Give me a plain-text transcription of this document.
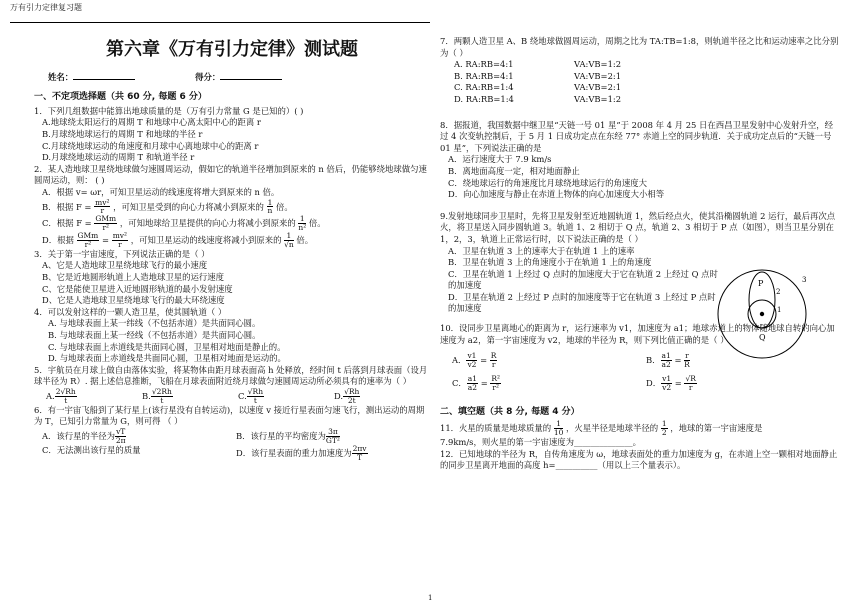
万有引力定律复习题
第六章《万有引力定律》测试题
姓名：	得分：
一、不定项选择题（共 60 分, 每题 6 分）

1．下列几组数据中能算出地球质量的是（万有引力常量 G 是已知的）( )

A.地球绕太阳运行的周期 T 和地球中心离太阳中心的距离 r

B.月球绕地球运行的周期 T 和地球的半径 r

C.月球绕地球运动的角速度和月球中心离地球中心的距离 r

D.月球绕地球运动的周期 T 和轨道半径 r

2．某人造地球卫星绕地球做匀速圆周运动，假如它的轨道半径增加到原来的 n 倍后，仍能够绕地球做匀速圆周运动，则： ( )

A．根据 v= ωr，可知卫星运动的线速度将增大到原来的 n 倍。

B．根据 $F = \frac{\text{mv²}}{r}$ ，可知卫星受到的向心力将减小到原来的 $\frac{1}{n}$ 倍。

C．根据 $F = \frac{\text{GMm}}{\text{r²}}$ ，可知地球给卫星提供的向心力将减小到原来的 $\frac{1}{\text{n²}}$ 倍。

D．根据 $\frac{\text{GMm}}{\text{r²}} = \frac{\text{mv²}}{r}$ ，可知卫星运动的线速度将减小到原来的 $\frac{1}{√n}$ 倍。

3．关于第一宇宙速度，下列说法正确的是（ ）

A、它是人造地球卫星绕地球飞行的最小速度

B、它是近地圆形轨道上人造地球卫星的运行速度

C、它是能使卫星进入近地圆形轨道的最小发射速度

D、它是人造地球卫星绕地球飞行的最大环绕速度

4．可以发射这样的一颗人造卫星，使其圆轨道（ ）

A. 与地球表面上某一纬线（不包括赤道）是共面同心圆。

B. 与地球表面上某一经线（不包括赤道）是共面同心圆。

C. 与地球表面上赤道线是共面同心圆，卫星相对地面是静止的。

D. 与地球表面上赤道线是共面同心圆，卫星相对地面是运动的。

5．宇航员在月球上做自由落体实验，将某物体由距月球表面高 h 处释放，经时间 t 后落到月球表面（设月球半径为 R）. 据上述信息推断，飞船在月球表面附近绕月球做匀速圆周运动所必须具有的速率为（ ）

A. $\frac{2√Rh}{t}$	B. $\frac{√2Rh}{t}$	C. $\frac{√Rh}{t}$	D. $\frac{√Rh}{2t}$

6．有一宇宙飞船到了某行星上(该行星没有自转运动)，以速度 v 接近行星表面匀速飞行，测出运动的周期为 T，已知引力常量为 G，则可得 （ ）

A．该行星的半径为 $\frac{vT}{2\pi}$	B．该行星的平均密度为 $\frac{3\pi}{\text{GT²}}$
C．无法测出该行星的质量	D．该行星表面的重力加速度为 $\frac{2\pi v}{T}$

7．两颗人造卫星 A、B 绕地球做圆周运动，周期之比为 TA:TB=1:8，则轨道半径之比和运动速率之比分别为（ ）

A. RA:RB=4:1	VA:VB=1:2
B. RA:RB=4:1	VA:VB=2:1
C. RA:RB=1:4	VA:VB=2:1
D. RA:RB=1:4	VA:VB=1:2

8．据报道，我国数据中继卫星“天链一号 01 星”于 2008 年 4 月 25 日在西昌卫星发射中心发射升空，经过 4 次变轨控制后，于 5 月 1 日成功定点在东经 77° 赤道上空的同步轨道．关于成功定点后的“天链一号 01 星”，下列说法正确的是

A．运行速度大于 7.9 km/s

B．离地面高度一定，相对地面静止

C．绕地球运行的角速度比月球绕地球运行的角速度大

D．向心加速度与静止在赤道上物体的向心加速度大小相等

9.发射地球同步卫星时，先将卫星发射至近地圆轨道 1，然后经点火，使其沿椭圆轨道 2 运行，最后再次点火，将卫星送入同步圆轨道 3。轨道 1、2 相切于 Q 点，轨道 2、3 相切于 P 点（如图），则当卫星分别在 1，2，3，轨道上正常运行时，以下说法正确的是（ ）

A．卫星在轨道 3 上的速率大于在轨道 1 上的速率

B．卫星在轨道 3 上的角速度小于在轨道 1 上的角速度

C．卫星在轨道 1 上经过 Q 点时的加速度大于它在轨道 2 上经过 Q 点时的加速度

D．卫星在轨道 2 上经过 P 点时的加速度等于它在轨道 3 上经过 P 点时的加速度

10．设同步卫星离地心的距离为 r，运行速率为 v1，加速度为 a1；地球赤道上的物体随地球自转的向心加速度为 a2，第一宇宙速度为 v2，地球的半径为 R，则下列比值正确的是（ ）

A． $\frac{v1}{v2} = \frac{R}{r}$	B． $\frac{a1}{a2} = \frac{r}{R}$
C． $\frac{a1}{a2} = \frac{\text{R²}}{\text{r²}}$	D． $\frac{v1}{v2} = \frac{√R}{r}$
二、填空题（共 8 分, 每题 4 分）

11．火星的质量是地球质量的 $\frac{1}{10}$ ，火星半径是地球半径的 $\frac{1}{2}$ ，地球的第一宇宙速度是

7.9km/s，则火星的第一宇宙速度为______________。

12．已知地球的半径为 R，自传角速度为 ω，地球表面处的重力加速度为 g，在赤道上空一颗相对地面静止的同步卫星离开地面的高度 h=__________（用以上三个量表示）。

P
Q
1
2
3
1
